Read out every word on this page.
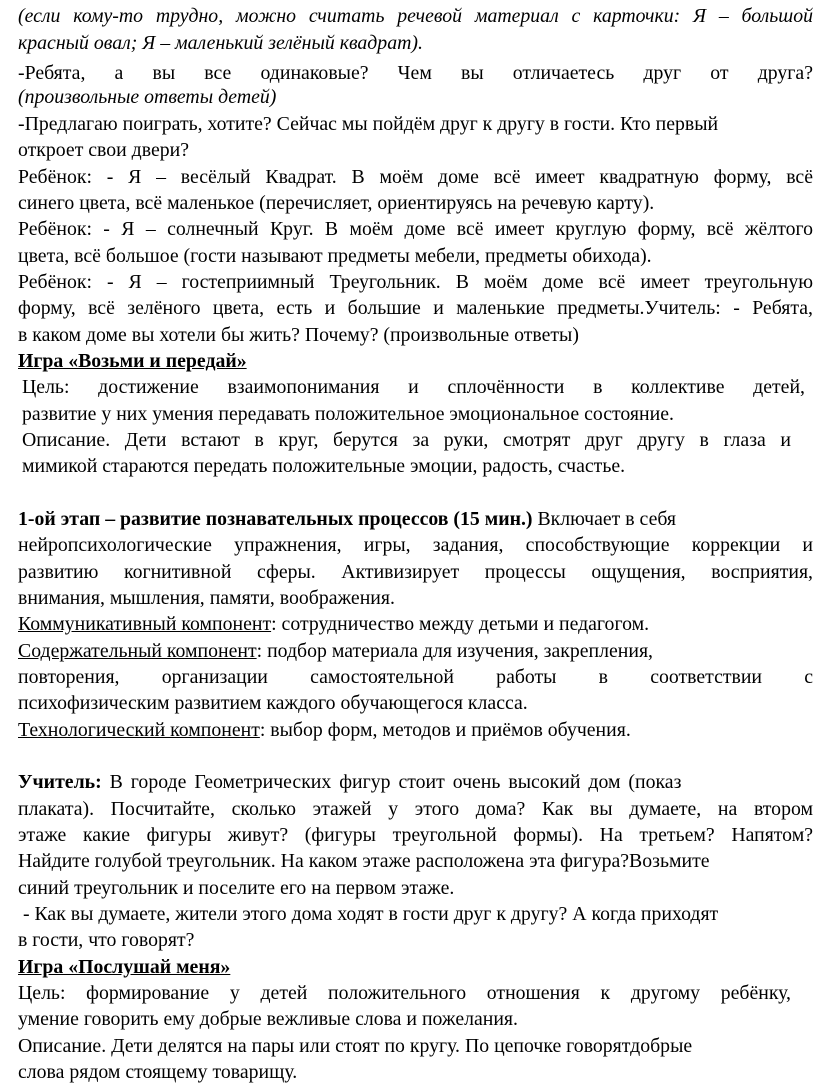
(если кому-то трудно, можно считать речевой материал с карточки: Я – большой
красный овал; Я – маленький зелёный квадрат).
-Ребята, а вы все одинаковые? Чем вы отличаетесь друг от друга?
(произвольные ответы детей)
-Предлагаю поиграть, хотите? Сейчас мы пойдём друг к другу в гости. Кто первый
откроет свои двери?
Ребёнок: - Я – весёлый Квадрат. В моём доме всё имеет квадратную форму, всё
синего цвета, всё маленькое (перечисляет, ориентируясь на речевую карту).
Ребёнок: - Я – солнечный Круг. В моём доме всё имеет круглую форму, всё жёлтого
цвета, всё большое (гости называют предметы мебели, предметы обихода).
Ребёнок: - Я – гостеприимный Треугольник. В моём доме всё имеет треугольную
форму, всё зелёного цвета, есть и большие и маленькие предметы.Учитель: - Ребята,
в каком доме вы хотели бы жить? Почему? (произвольные ответы)
Игра «Возьми и передай»
Цель: достижение взаимопонимания и сплочённости в коллективе детей,
развитие у них умения передавать положительное эмоциональное состояние.
Описание. Дети встают в круг, берутся за руки, смотрят друг другу в глаза и
мимикой стараются передать положительные эмоции, радость, счастье.
1-ой этап – развитие познавательных процессов (15 мин.) Включает в себя
нейропсихологические упражнения, игры, задания, способствующие коррекции и
развитию когнитивной сферы. Активизирует процессы ощущения, восприятия,
внимания, мышления, памяти, воображения.
Коммуникативный компонент: сотрудничество между детьми и педагогом.
Содержательный компонент: подбор материала для изучения, закрепления,
повторения, организации самостоятельной работы в соответствии с
психофизическим развитием каждого обучающегося класса.
Технологический компонент: выбор форм, методов и приёмов обучения.
Учитель: В городе Геометрических фигур стоит очень высокий дом (показ
плаката). Посчитайте, сколько этажей у этого дома? Как вы думаете, на втором
этаже какие фигуры живут? (фигуры треугольной формы). На третьем? Напятом?
Найдите голубой треугольник. На каком этаже расположена эта фигура?Возьмите
синий треугольник и поселите его на первом этаже.
- Как вы думаете, жители этого дома ходят в гости друг к другу? А когда приходят
в гости, что говорят?
Игра «Послушай меня»
Цель: формирование у детей положительного отношения к другому ребёнку,
умение говорить ему добрые вежливые слова и пожелания.
Описание. Дети делятся на пары или стоят по кругу. По цепочке говорятдобрые
слова рядом стоящему товарищу.
